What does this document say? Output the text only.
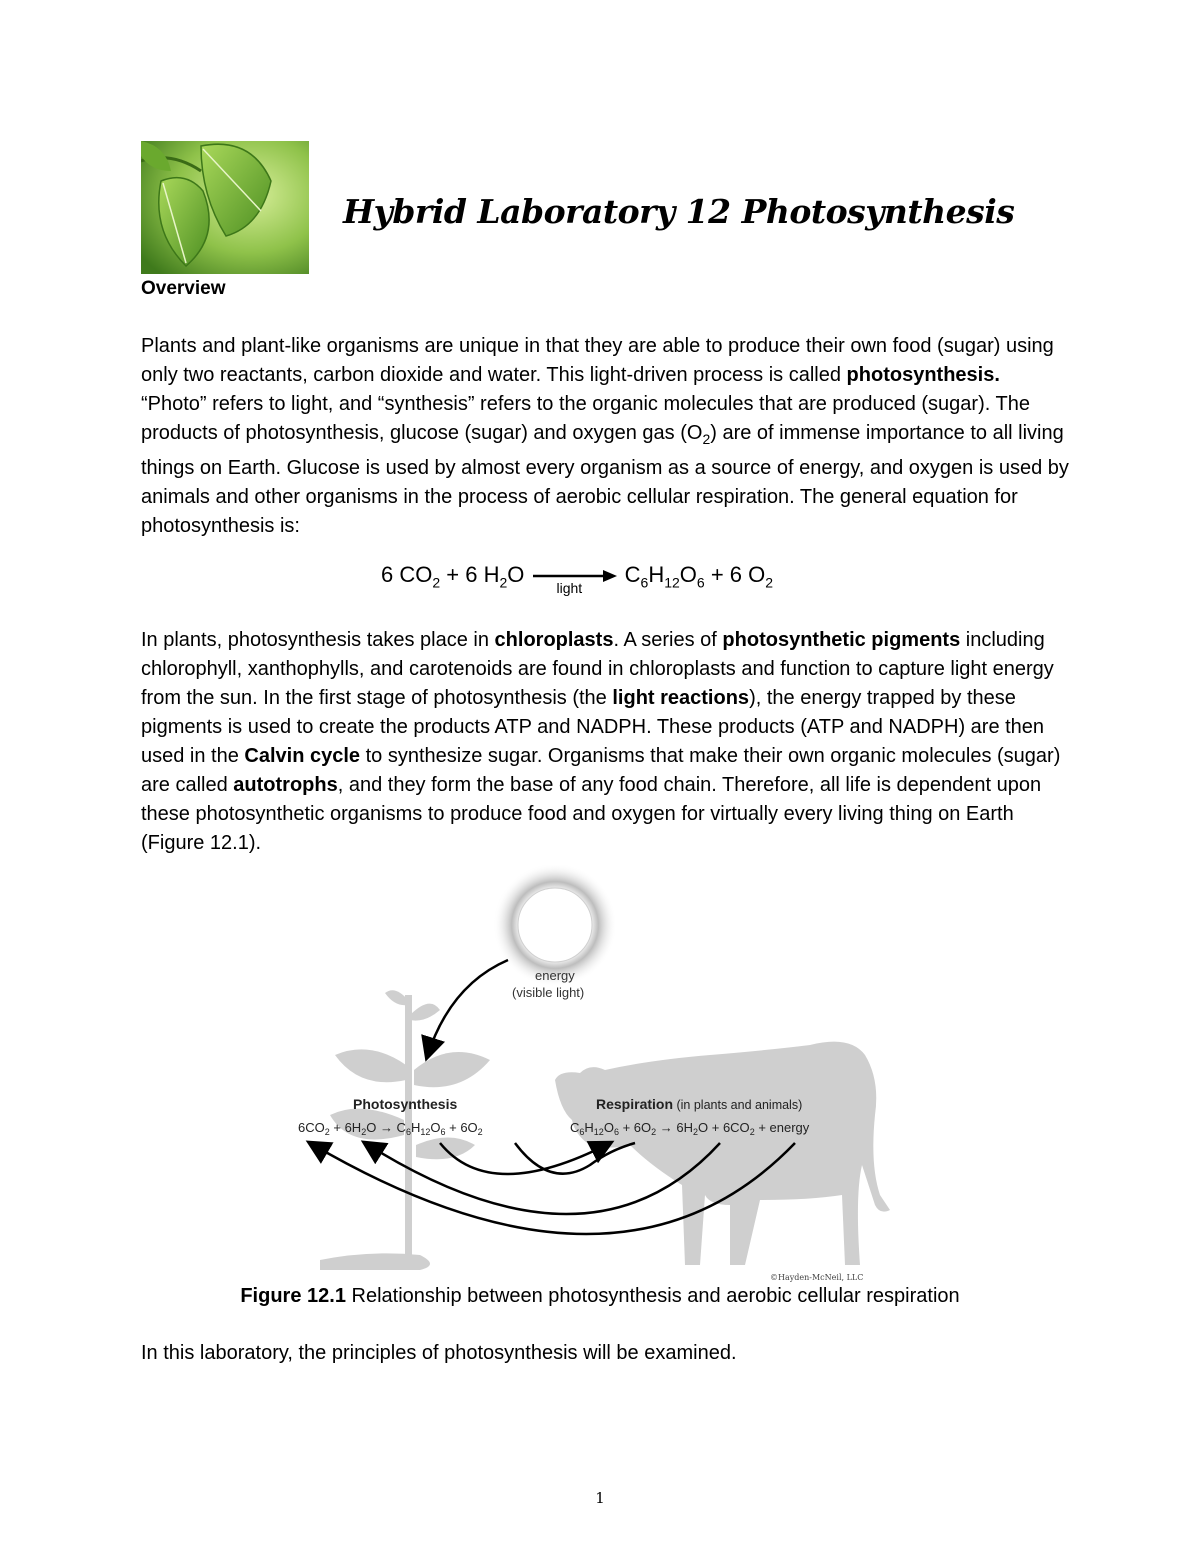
Hybrid Laboratory 12 Photosynthesis
Overview

Plants and plant-like organisms are unique in that they are able to produce their own food (sugar) using only two reactants, carbon dioxide and water. This light-driven process is called photosynthesis. “Photo” refers to light, and “synthesis” refers to the organic molecules that are produced (sugar). The products of photosynthesis, glucose (sugar) and oxygen gas $(O_2)$ are of immense importance to all living things on Earth. Glucose is used by almost every organism as a source of energy, and oxygen is used by animals and other organisms in the process of aerobic cellular respiration. The general equation for photosynthesis is:

6 $CO_2 + 6$ $H_2O$
light
$C_6H_{12}O_6 + 6$ $O_2$

In plants, photosynthesis takes place in chloroplasts. A series of photosynthetic pigments including chlorophyll, xanthophylls, and carotenoids are found in chloroplasts and function to capture light energy from the sun. In the first stage of photosynthesis (the light reactions), the energy trapped by these pigments is used to create the products ATP and NADPH. These products (ATP and NADPH) are then used in the Calvin cycle to synthesize sugar. Organisms that make their own organic molecules (sugar) are called autotrophs, and they form the base of any food chain. Therefore, all life is dependent upon these photosynthetic organisms to produce food and oxygen for virtually every living thing on Earth (Figure 12.1).

energy
(visible light)
Photosynthesis
$6CO_2 + 6H_2O \to C_6H_{12}O_6 + 6O_2$
Respiration (in plants and animals)
$C_6H_{12}O_6 + 6O_2 \to 6H_2O + 6CO_2$ + energy
©Hayden-McNeil, LLC
Figure 12.1 Relationship between photosynthesis and aerobic cellular respiration
In this laboratory, the principles of photosynthesis will be examined.
1
